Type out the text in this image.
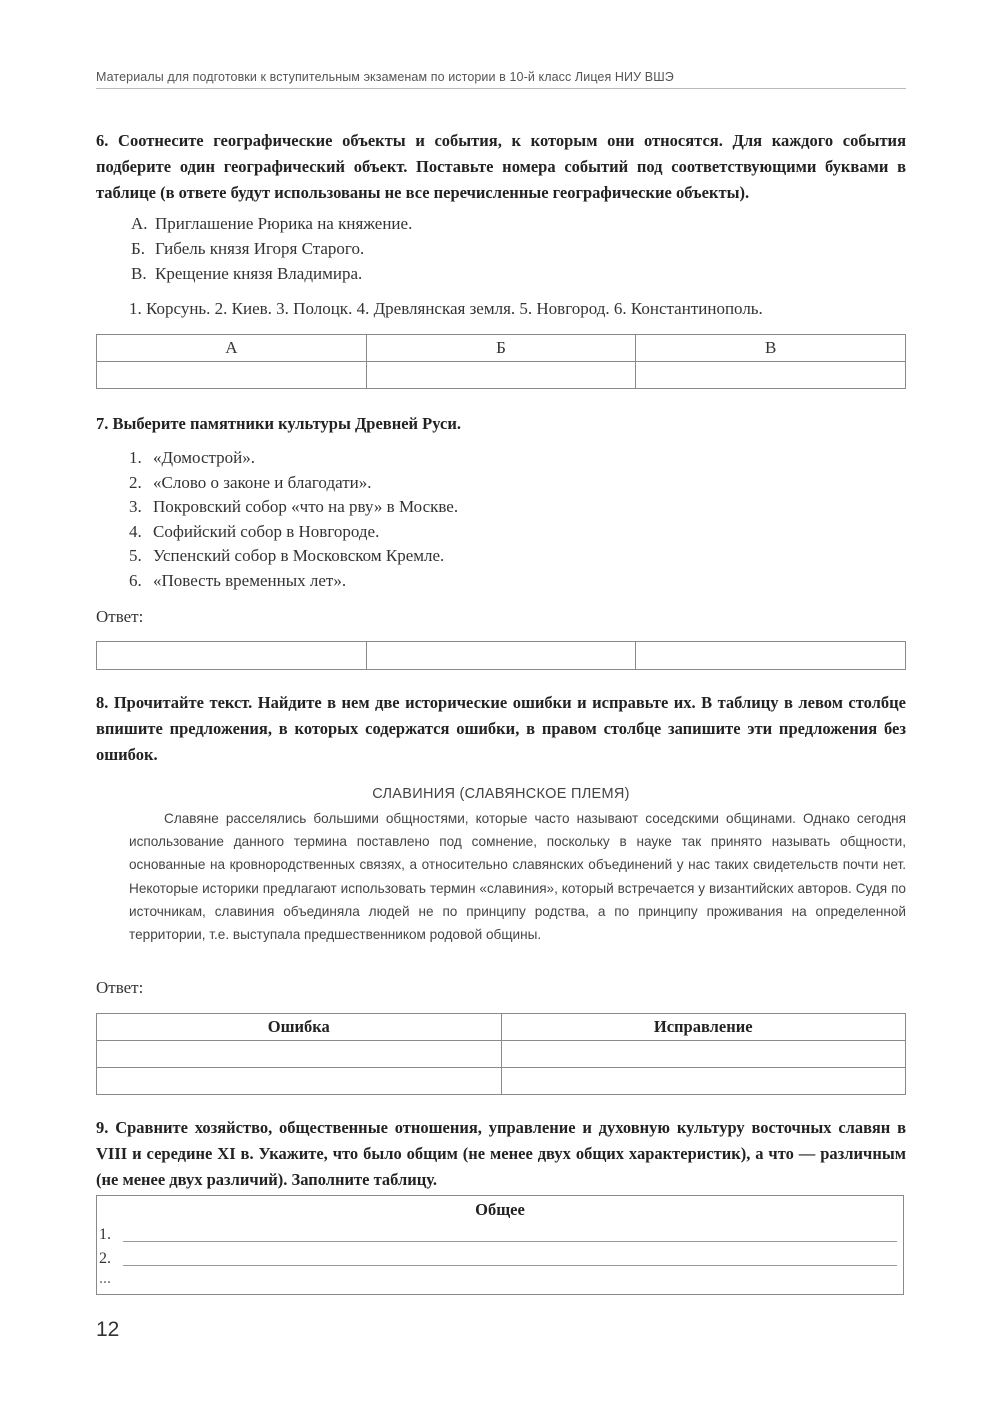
Материалы для подготовки к вступительным экзаменам по истории в 10-й класс Лицея НИУ ВШЭ
6. Соотнесите географические объекты и события, к которым они относятся. Для каждого события подберите один географический объект. Поставьте номера событий под соответствующими буквами в таблице (в ответе будут использованы не все перечисленные географические объекты).
А. Приглашение Рюрика на княжение.
Б. Гибель князя Игоря Старого.
В. Крещение князя Владимира.
1. Корсунь. 2. Киев. 3. Полоцк. 4. Древлянская земля. 5. Новгород. 6. Константинополь.
А	Б	В

7. Выберите памятники культуры Древней Руси.
1. «Домострой».
2. «Слово о законе и благодати».
3. Покровский собор «что на рву» в Москве.
4. Софийский собор в Новгороде.
5. Успенский собор в Московском Кремле.
6. «Повесть временных лет».
Ответ:

8. Прочитайте текст. Найдите в нем две исторические ошибки и исправьте их. В таблицу в левом столбце впишите предложения, в которых содержатся ошибки, в правом столбце запишите эти предложения без ошибок.
СЛАВИНИЯ (СЛАВЯНСКОЕ ПЛЕМЯ)
Славяне расселялись большими общностями, которые часто называют соседскими общинами. Однако сегодня использование данного термина поставлено под сомнение, поскольку в науке так принято называть общности, основанные на кровнородственных связях, а относительно славянских объединений у нас таких свидетельств почти нет. Некоторые историки предлагают использовать термин «славиния», который встречается у византийских авторов. Судя по источникам, славиния объединяла людей не по принципу родства, а по принципу проживания на определенной территории, т.е. выступала предшественником родовой общины.
Ответ:
Ошибка	Исправление

9. Сравните хозяйство, общественные отношения, управление и духовную культуру восточных славян в VIII и середине XI в. Укажите, что было общим (не менее двух общих характеристик), а что — различным (не менее двух различий). Заполните таблицу.
Общее
1.
2.
...
12
